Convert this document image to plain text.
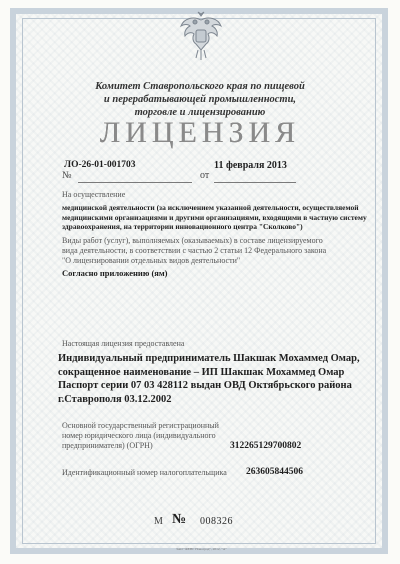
Комитет Ставропольского края по пищевой
и перерабатывающей промышленности,
торговле и лицензированию
ЛИЦЕНЗИЯ
№
ЛО-26-01-001703
от
11 февраля 2013
На осуществление
медицинской деятельности (за исключением указанной деятельности, осуществляемой
медицинскими организациями и другими организациями, входящими в частную систему
здравоохранения, на территории инновационного центра "Сколково")
Виды работ (услуг), выполняемых (оказываемых) в составе лицензируемого
вида деятельности, в соответствии с частью 2 статьи 12 Федерального закона
"О лицензировании отдельных видов деятельности"
Согласно приложению (ям)
Настоящая лицензия предоставлена
Индивидуальный предприниматель Шакшак Мохаммед Омар,
сокращенное наименование – ИП Шакшак Мохаммед Омар
Паспорт серии 07 03 428112 выдан ОВД Октябрьского района
г.Ставрополя 03.12.2002
Основной государственный регистрационный
номер юридического лица (индивидуального
предпринимателя) (ОГРН)	312265129700802
Идентификационный номер налогоплательщика 263605844506
М № 008326
ЗАО "ФЕНГ Новоград", 2012, "А"
